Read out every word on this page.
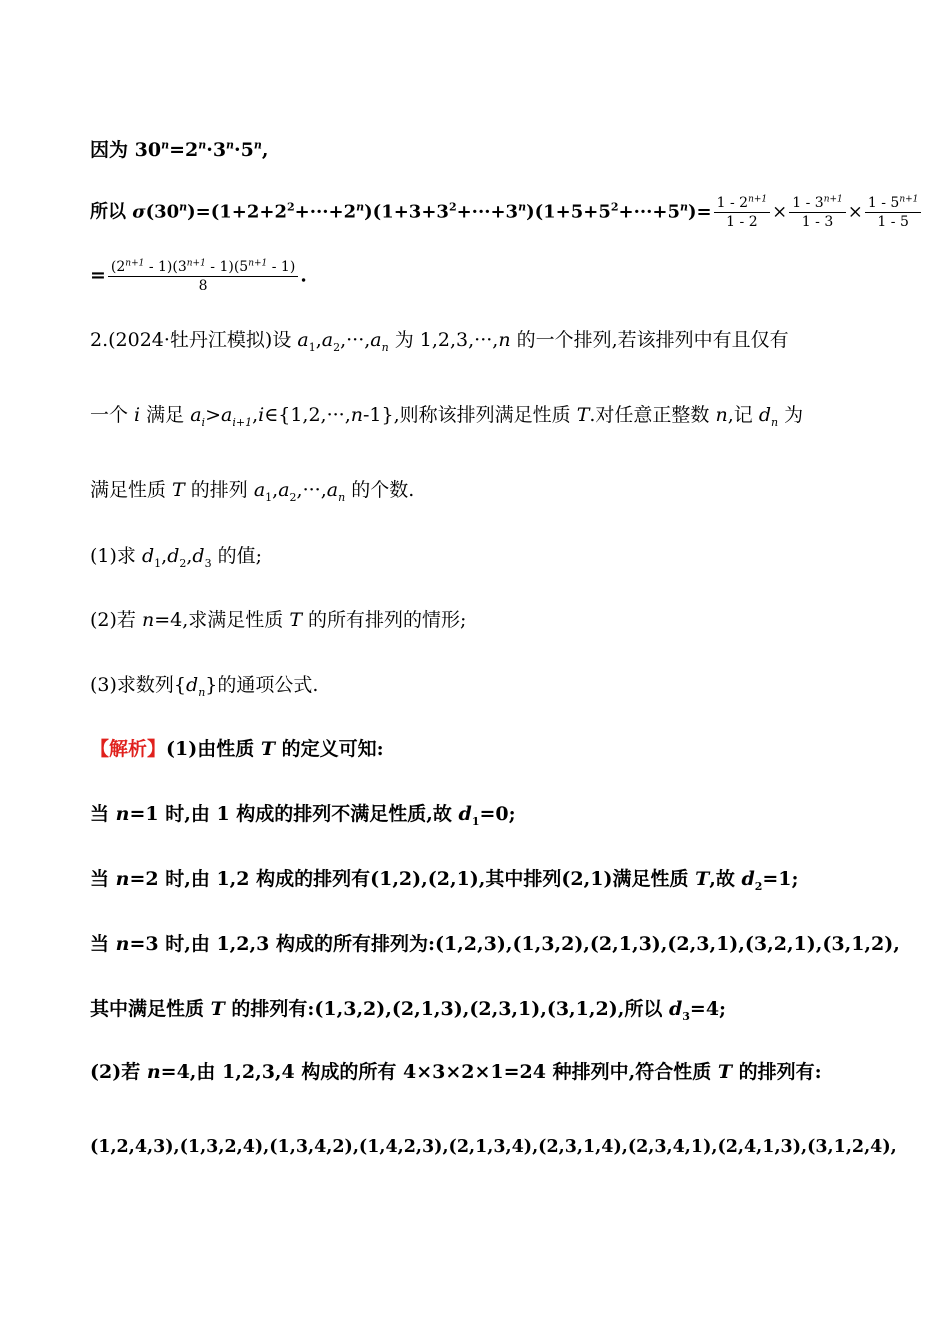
因为 $30^n=2^n\cdot 3^n\cdot 5^n$,
所以 $\sigma(30^n)=(1+2+2^2+\cdot\cdot\cdot+2^n)(1+3+3^2+\cdot\cdot\cdot+3^n)(1+5+5^2+\cdot\cdot\cdot+5^n)= \frac{1 - 2^{n+1}}{1 - 2} \times \frac{1 - 3^{n+1}}{1 - 3} \times \frac{1 - 5^{n+1}}{1 - 5}$
= $\frac{(2^{n+1} - 1)(3^{n+1} - 1)(5^{n+1} - 1)}{8}$ .
2.(2024·牡丹江模拟)设 $a_1,a_2,\cdot\cdot\cdot,a_n$ 为 1,2,3,···,n 的一个排列,若该排列中有且仅有
一个 i 满足 $a_i>a_{i+1},i\in\{1,2,\cdot\cdot\cdot,n-1\}$,则称该排列满足性质 T.对任意正整数 n,记 $d_n$ 为
满足性质 T 的排列 $a_1,a_2,\cdot\cdot\cdot,a_n$ 的个数.
(1)求 $d_1,d_2,d_3$ 的值;
(2)若 n=4,求满足性质 T 的所有排列的情形;
(3)求数列$\{d_n\}$的通项公式.
【解析】(1)由性质 T 的定义可知:
当 n=1 时,由 1 构成的排列不满足性质,故 $d_1=0$;
当 n=2 时,由 1,2 构成的排列有(1,2),(2,1),其中排列(2,1)满足性质 T,故 $d_2=1$;
当 n=3 时,由 1,2,3 构成的所有排列为:(1,2,3),(1,3,2),(2,1,3),(2,3,1),(3,2,1),(3,1,2),
其中满足性质 T 的排列有:(1,3,2),(2,1,3),(2,3,1),(3,1,2),所以 $d_3=4$;
(2)若 n=4,由 1,2,3,4 构成的所有 4×3×2×1=24 种排列中,符合性质 T 的排列有:
(1,2,4,3),(1,3,2,4),(1,3,4,2),(1,4,2,3),(2,1,3,4),(2,3,1,4),(2,3,4,1),(2,4,1,3),(3,1,2,4),
